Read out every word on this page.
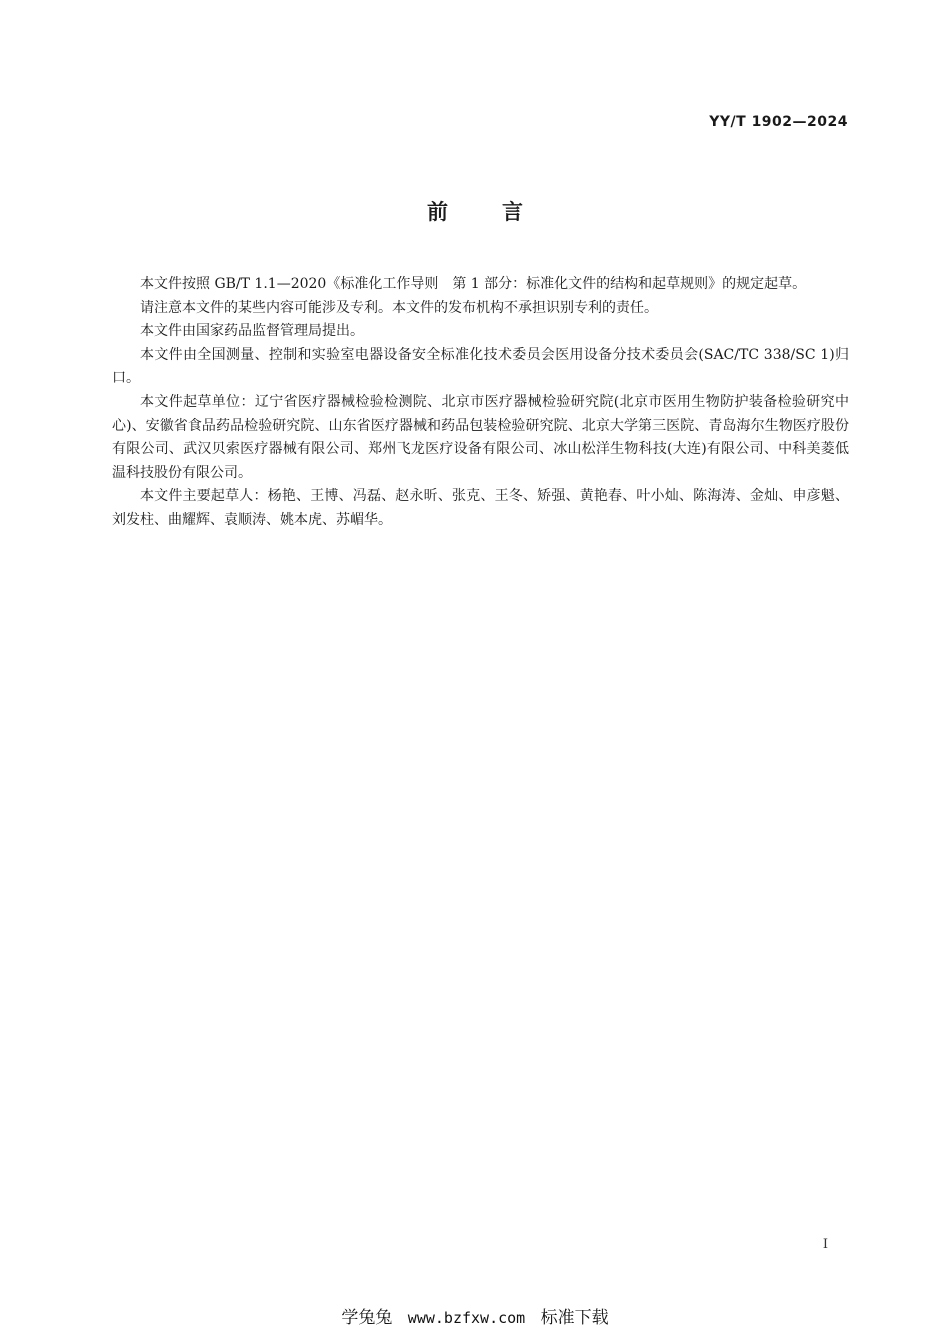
YY/T 1902—2024
前言

本文件按照 GB/T 1.1—2020《标准化工作导则　第 1 部分：标准化文件的结构和起草规则》的规定起草。

请注意本文件的某些内容可能涉及专利。本文件的发布机构不承担识别专利的责任。

本文件由国家药品监督管理局提出。

本文件由全国测量、控制和实验室电器设备安全标准化技术委员会医用设备分技术委员会(SAC/TC 338/SC 1)归口。

本文件起草单位：辽宁省医疗器械检验检测院、北京市医疗器械检验研究院(北京市医用生物防护装备检验研究中心)、安徽省食品药品检验研究院、山东省医疗器械和药品包装检验研究院、北京大学第三医院、青岛海尔生物医疗股份有限公司、武汉贝索医疗器械有限公司、郑州飞龙医疗设备有限公司、冰山松洋生物科技(大连)有限公司、中科美菱低温科技股份有限公司。

本文件主要起草人：杨艳、王博、冯磊、赵永昕、张克、王冬、矫强、黄艳春、叶小灿、陈海涛、金灿、申彦魁、刘发柱、曲耀辉、袁顺涛、姚本虎、苏嵋华。

I
学兔兔 www.bzfxw.com 标准下载
